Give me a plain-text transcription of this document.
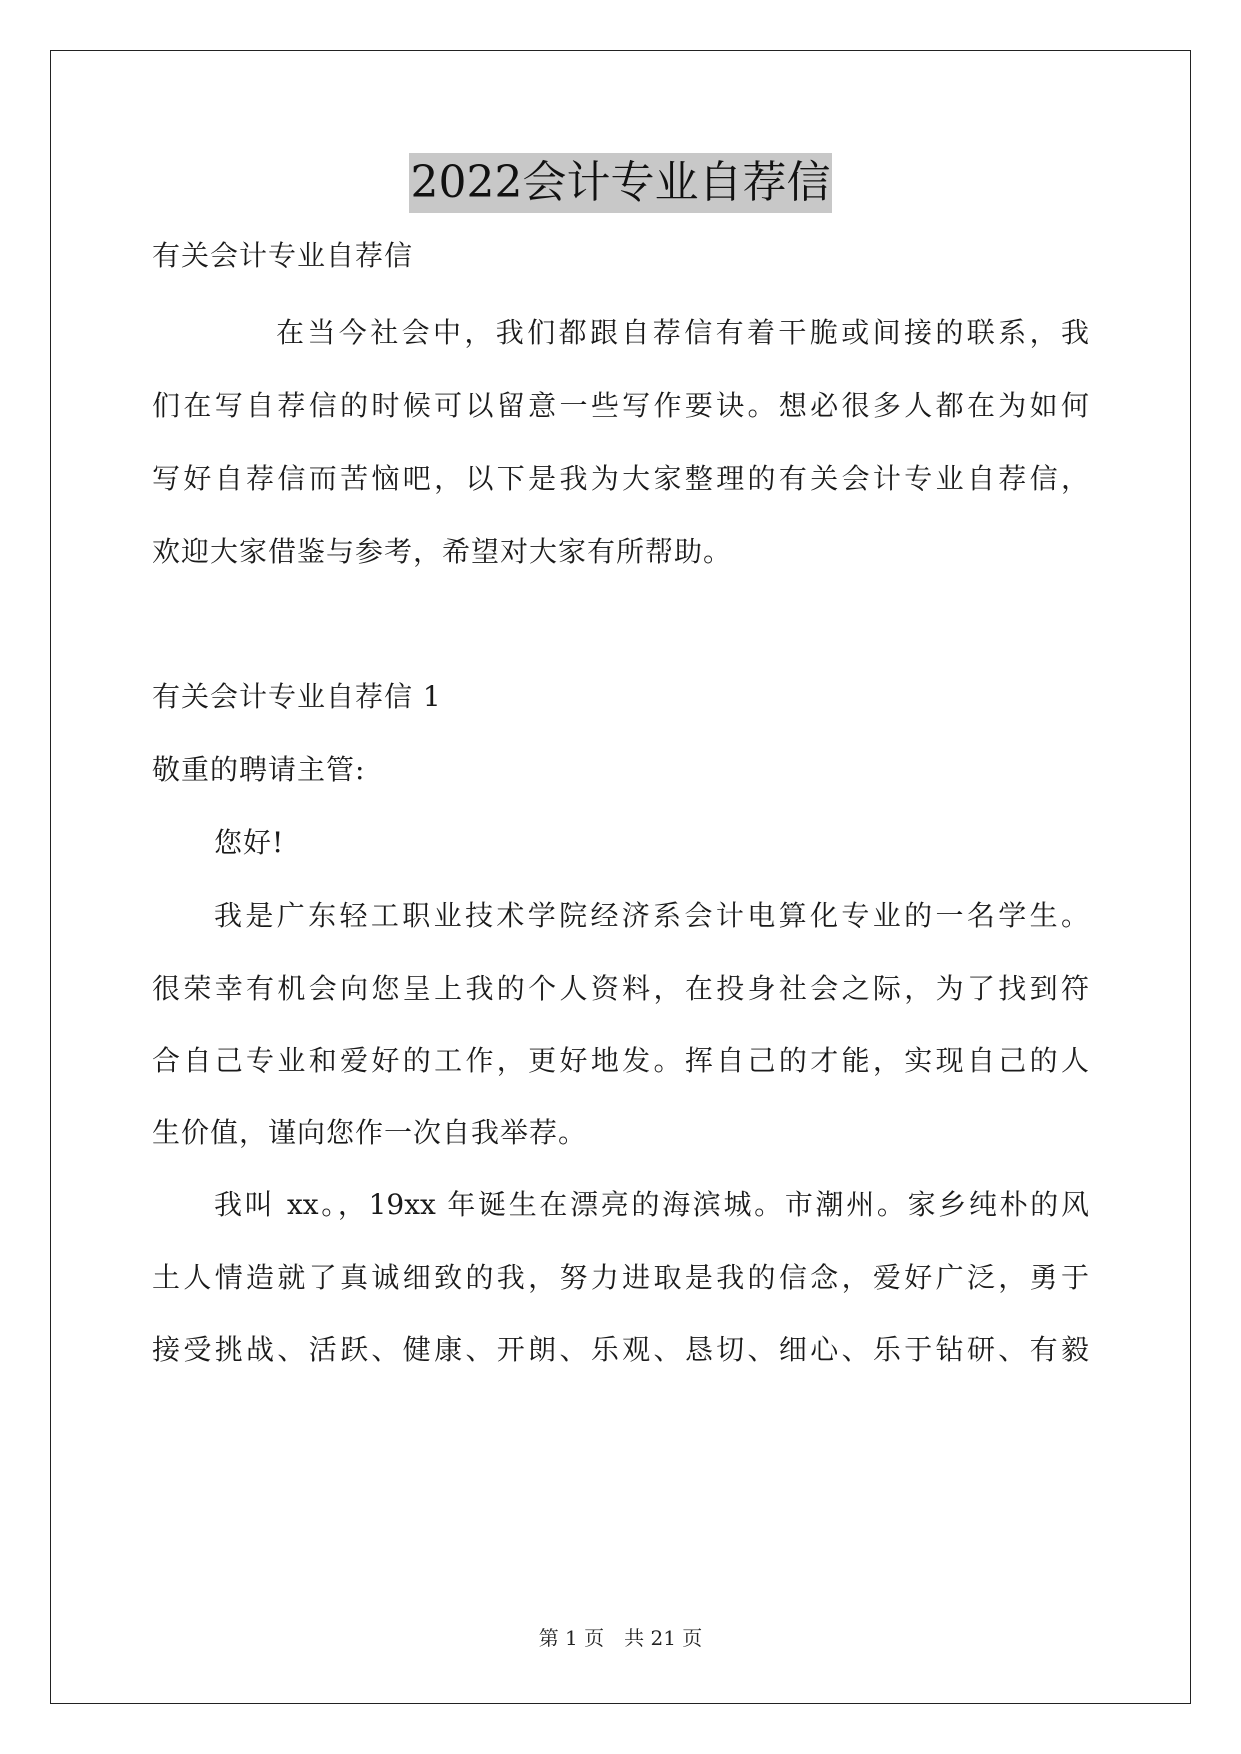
2022会计专业自荐信
有关会计专业自荐信
在当今社会中，我们都跟自荐信有着干脆或间接的联系，我
们在写自荐信的时候可以留意一些写作要诀。想必很多人都在为如何
写好自荐信而苦恼吧，以下是我为大家整理的有关会计专业自荐信，
欢迎大家借鉴与参考，希望对大家有所帮助。
有关会计专业自荐信 1
敬重的聘请主管:
您好!
我是广东轻工职业技术学院经济系会计电算化专业的一名学生。
很荣幸有机会向您呈上我的个人资料，在投身社会之际，为了找到符
合自己专业和爱好的工作，更好地发。挥自己的才能，实现自己的人
生价值，谨向您作一次自我举荐。
我叫 xx。，19xx 年诞生在漂亮的海滨城。市潮州。家乡纯朴的风
土人情造就了真诚细致的我，努力进取是我的信念，爱好广泛，勇于
接受挑战、活跃、健康、开朗、乐观、恳切、细心、乐于钻研、有毅
第 1 页　共 21 页
